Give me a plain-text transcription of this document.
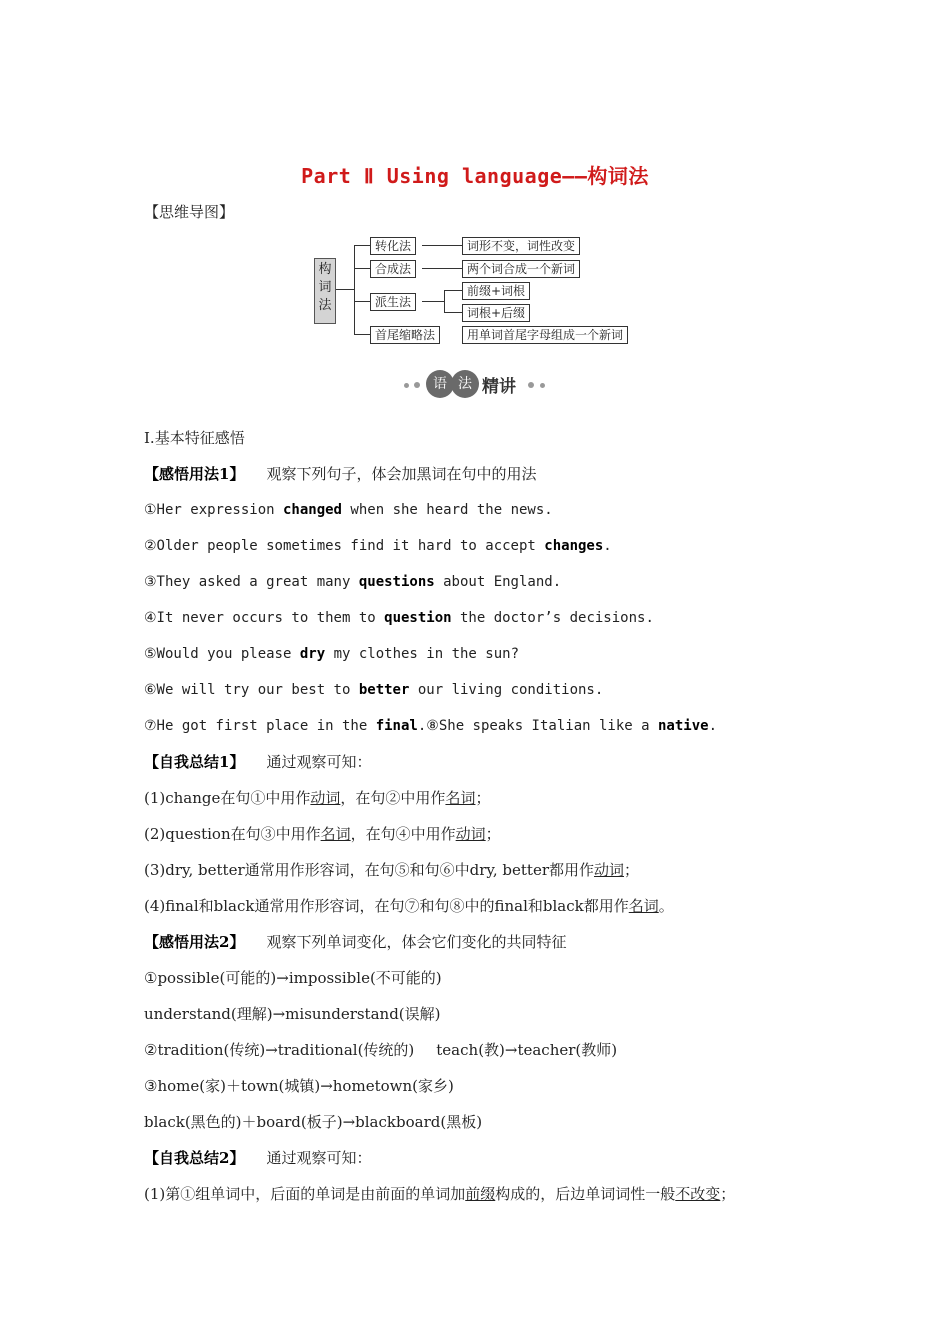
Part Ⅱ Using language——构词法
【思维导图】
构
词
法
转化法
合成法
派生法
首尾缩略法
词形不变，词性改变
两个词合成一个新词
前缀+词根
词根+后缀
用单词首尾字母组成一个新词
语 法 精讲
Ⅰ.基本特征感悟
【感悟用法1】 观察下列句子，体会加黑词在句中的用法
①Her expression changed when she heard the news.
②Older people sometimes find it hard to accept changes.
③They asked a great many questions about England.
④It never occurs to them to question the doctor’s decisions.
⑤Would you please dry my clothes in the sun?
⑥We will try our best to better our living conditions.
⑦He got first place in the final.⑧She speaks Italian like a native.
【自我总结1】 通过观察可知：
(1)change在句①中用作动词，在句②中用作名词；
(2)question在句③中用作名词，在句④中用作动词；
(3)dry, better通常用作形容词，在句⑤和句⑥中dry, better都用作动词；
(4)final和black通常用作形容词，在句⑦和句⑧中的final和black都用作名词。
【感悟用法2】 观察下列单词变化，体会它们变化的共同特征
①possible(可能的)→impossible(不可能的)
understand(理解)→misunderstand(误解)
②tradition(传统)→traditional(传统的) teach(教)→teacher(教师)
③home(家)＋town(城镇)→hometown(家乡)
black(黑色的)＋board(板子)→blackboard(黑板)
【自我总结2】 通过观察可知：
(1)第①组单词中，后面的单词是由前面的单词加前缀构成的，后边单词词性一般不改变；
